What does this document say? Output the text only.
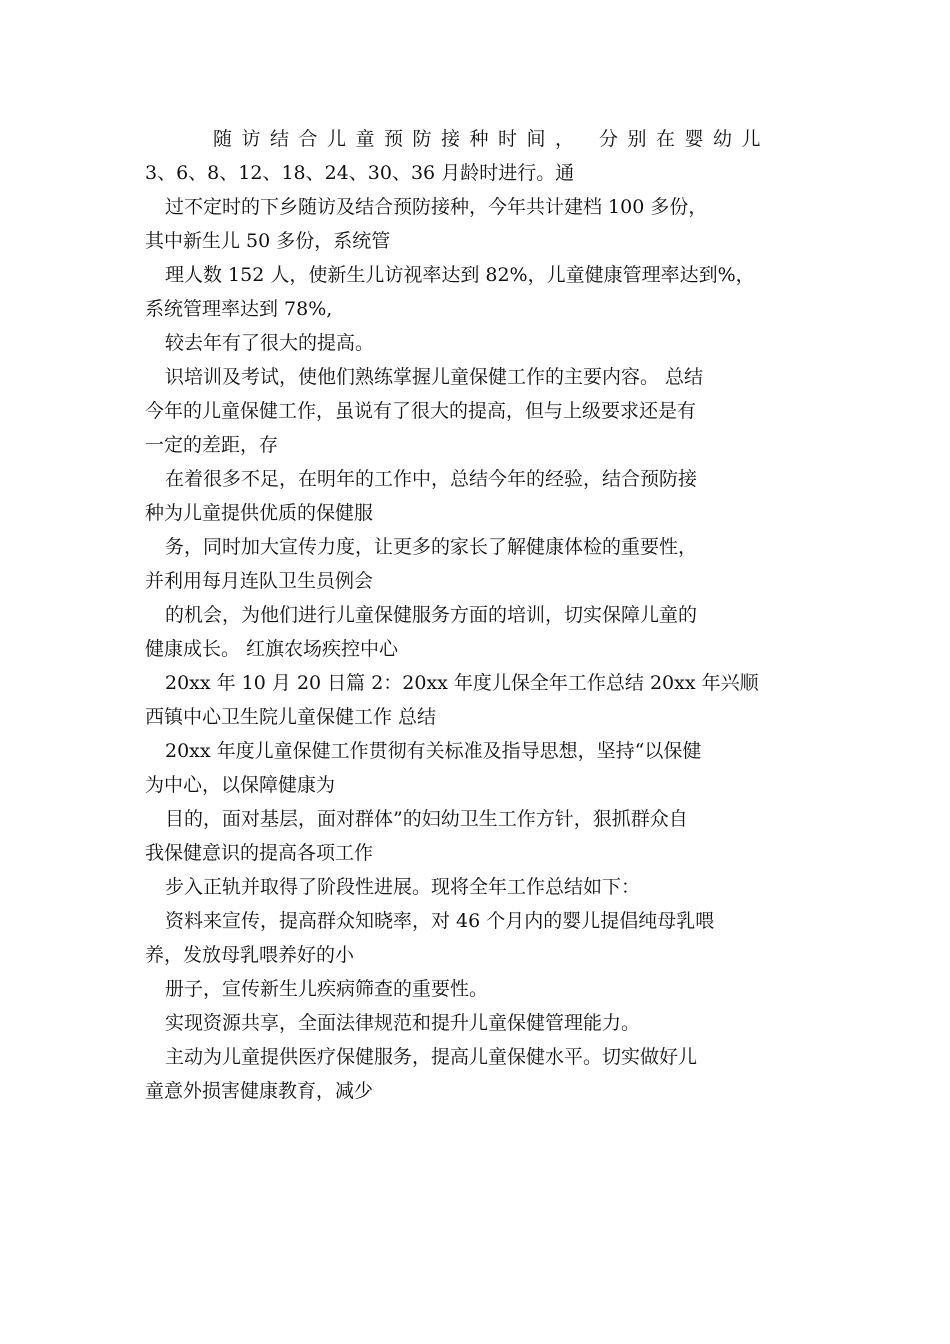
随访结合儿童预防接种时间， 分别在婴幼儿
3、6、8、12、18、24、30、36 月龄时进行。通

过不定时的下乡随访及结合预防接种，今年共计建档 100 多份，
其中新生儿 50 多份，系统管

理人数 152 人，使新生儿访视率达到 82%，儿童健康管理率达到%，
系统管理率达到 78%,

较去年有了很大的提高。

识培训及考试，使他们熟练掌握儿童保健工作的主要内容。 总结
今年的儿童保健工作，虽说有了很大的提高，但与上级要求还是有
一定的差距，存

在着很多不足，在明年的工作中，总结今年的经验，结合预防接
种为儿童提供优质的保健服

务，同时加大宣传力度，让更多的家长了解健康体检的重要性，
并利用每月连队卫生员例会

的机会，为他们进行儿童保健服务方面的培训，切实保障儿童的
健康成长。 红旗农场疾控中心

20xx 年 10 月 20 日篇 2：20xx 年度儿保全年工作总结 20xx 年兴顺
西镇中心卫生院儿童保健工作 总结

20xx 年度儿童保健工作贯彻有关标准及指导思想，坚持“以保健
为中心，以保障健康为

目的，面对基层，面对群体”的妇幼卫生工作方针，狠抓群众自
我保健意识的提高各项工作

步入正轨并取得了阶段性进展。现将全年工作总结如下：

资料来宣传，提高群众知晓率，对 46 个月内的婴儿提倡纯母乳喂
养，发放母乳喂养好的小

册子，宣传新生儿疾病筛查的重要性。

实现资源共享，全面法律规范和提升儿童保健管理能力。

主动为儿童提供医疗保健服务，提高儿童保健水平。切实做好儿
童意外损害健康教育，减少
